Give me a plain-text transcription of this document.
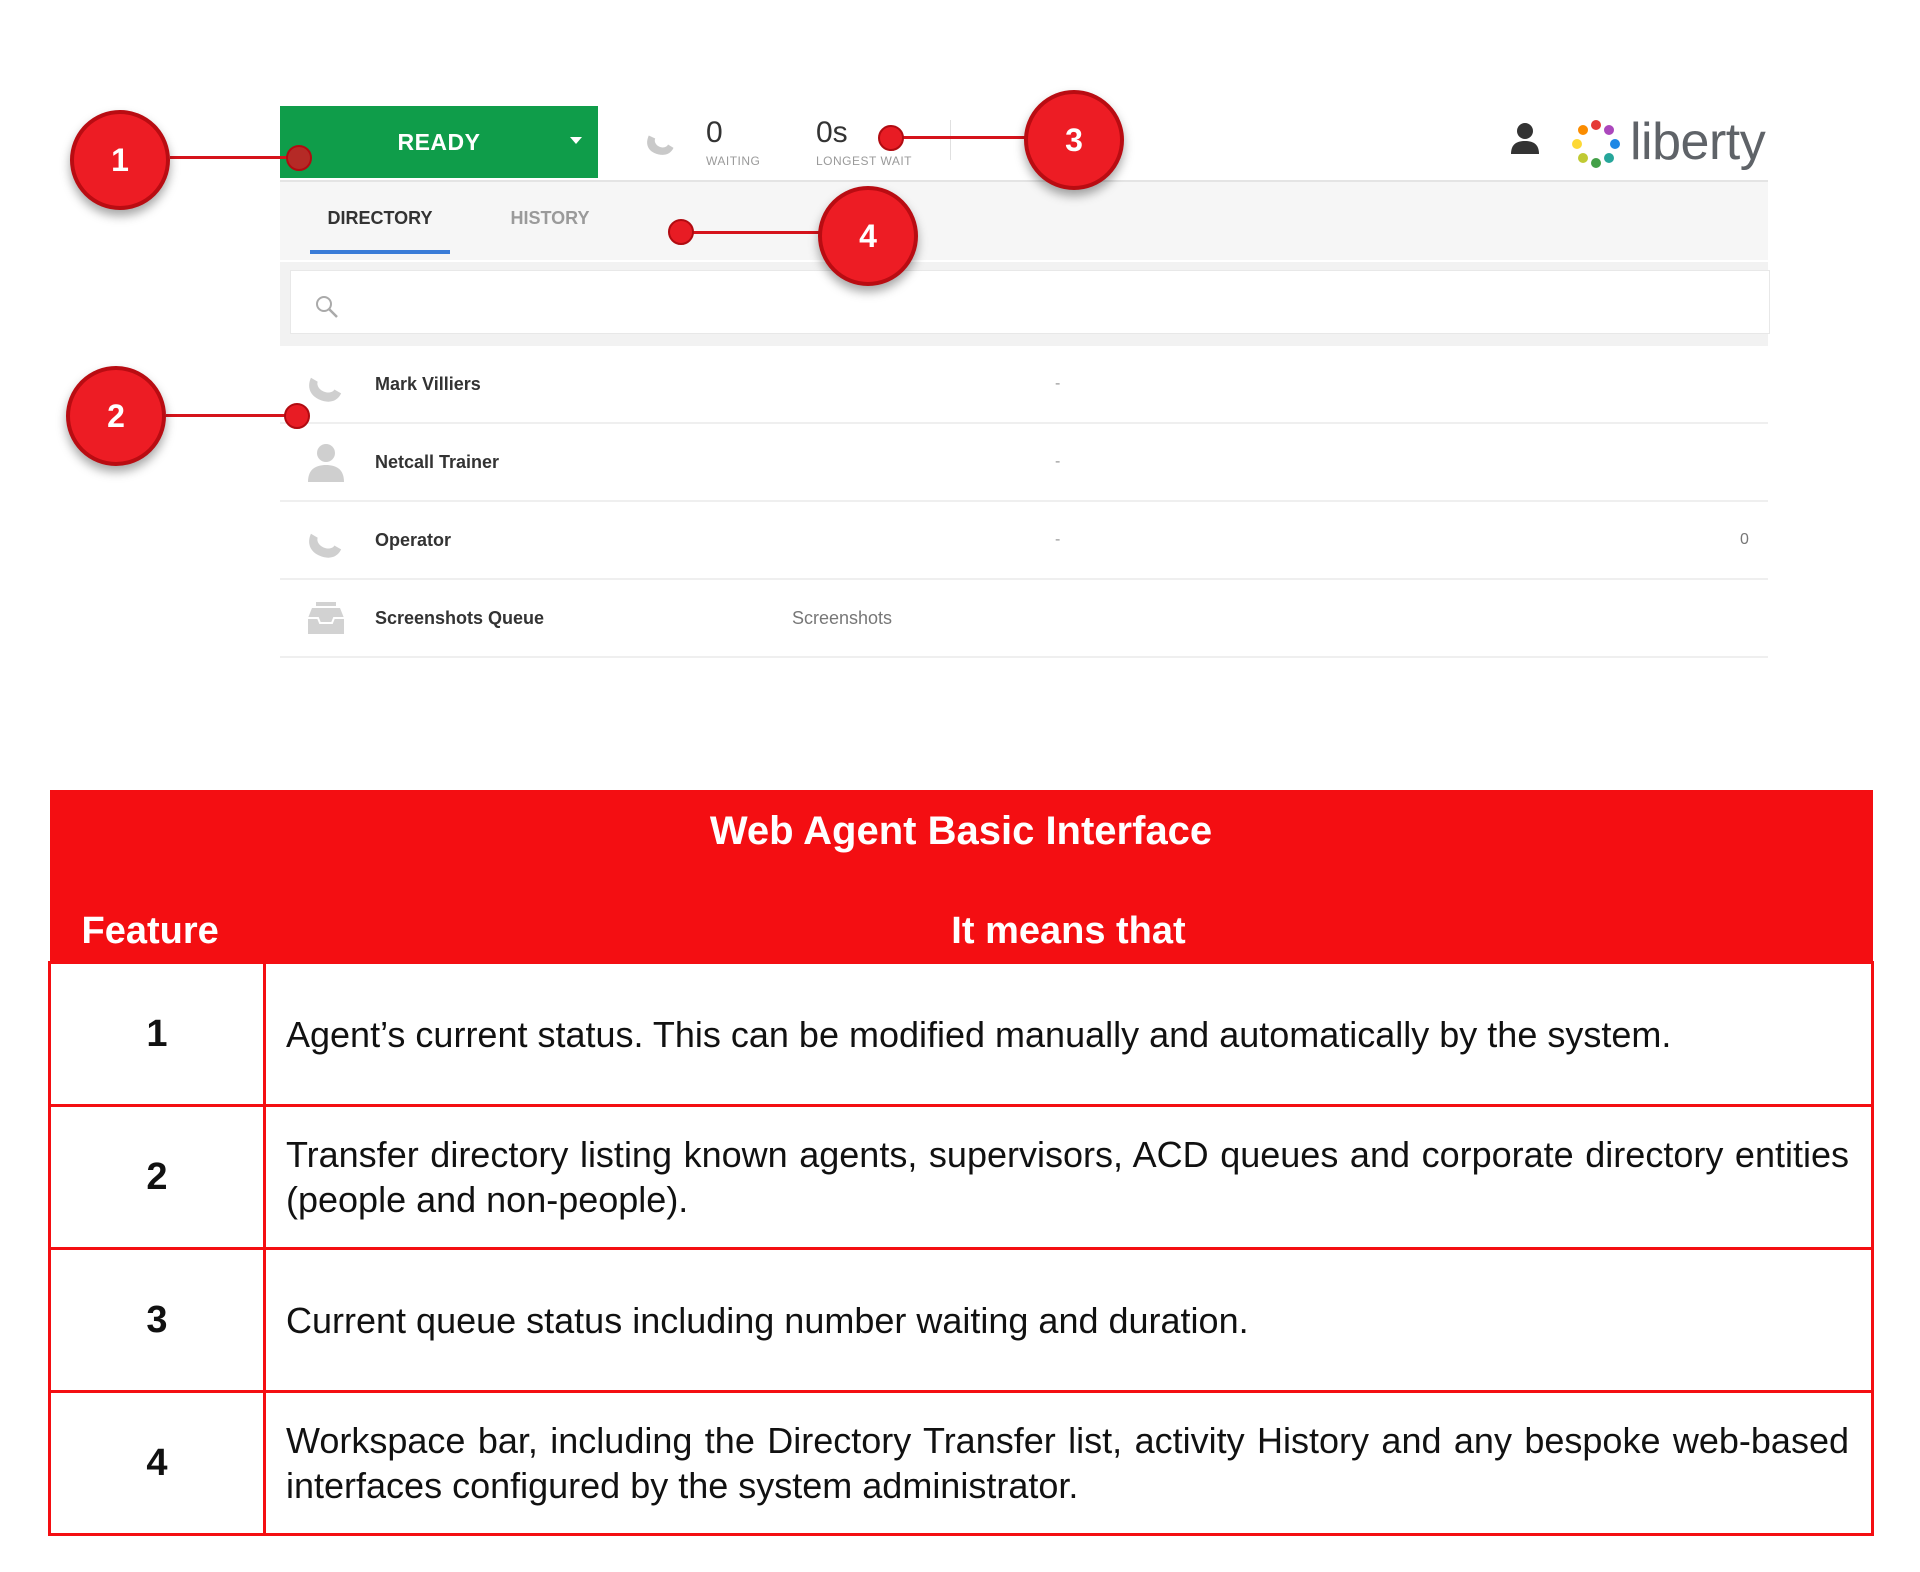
READY	0
WAITING
0s
LONGEST WAIT	liberty
DIRECTORY	HISTORY
Mark Villiers	-
Netcall Trainer	-
Operator	-	0
Screenshots Queue	Screenshots
1
2
3
4
Web Agent Basic Interface	
Feature	It means that
1	Agent’s current status. This can be modified manually and automatically by the system.
2	Transfer directory listing known agents, supervisors, ACD queues and corporate directory entities (people and non-people).
3	Current queue status including number waiting and duration.
4	Workspace bar, including the Directory Transfer list, activity History and any bespoke web-based interfaces configured by the system administrator.
